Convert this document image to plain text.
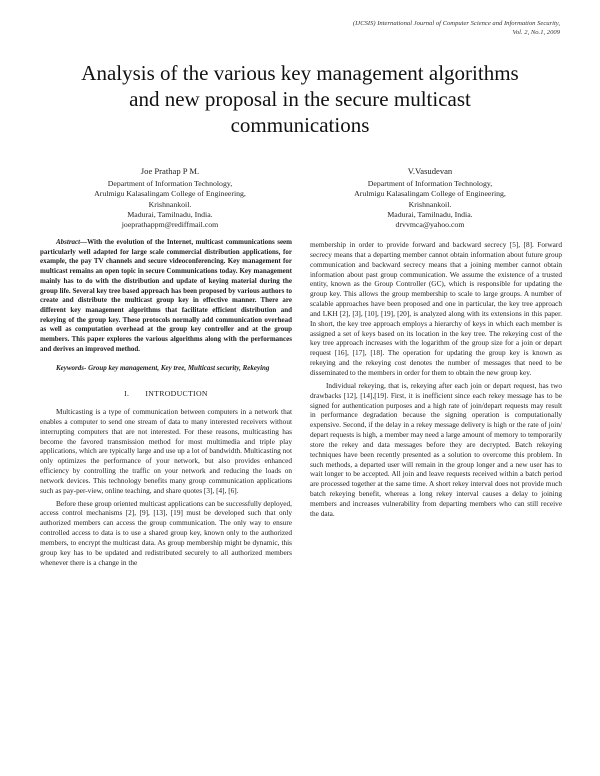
(IJCSIS) International Journal of Computer Science and Information Security,
Vol. 2, No.1, 2009
Analysis of the various key management algorithms
and new proposal in the secure multicast
communications
Joe Prathap P M.
Department of Information Technology,
Arulmigu Kalasalingam College of Engineering,
Krishnankoil.
Madurai, Tamilnadu, India.
joeprathappm@rediffmail.com
V.Vasudevan
Department of Information Technology,
Arulmigu Kalasalingam College of Engineering,
Krishnankoil.
Madurai, Tamilnadu, India.
drvvmca@yahoo.com

Abstract—With the evolution of the Internet, multicast communications seem particularly well adapted for large scale commercial distribution applications, for example, the pay TV channels and secure videoconferencing. Key management for multicast remains an open topic in secure Communications today. Key management mainly has to do with the distribution and update of keying material during the group life. Several key tree based approach has been proposed by various authors to create and distribute the multicast group key in effective manner. There are different key management algorithms that facilitate efficient distribution and rekeying of the group key. These protocols normally add communication overhead as well as computation overhead at the group key controller and at the group members. This paper explores the various algorithms along with the performances and derives an improved method.

Keywords- Group key management, Key tree, Multicast security, Rekeying

I. INTRODUCTION

Multicasting is a type of communication between computers in a network that enables a computer to send one stream of data to many interested receivers without interrupting computers that are not interested. For these reasons, multicasting has become the favored transmission method for most multimedia and triple play applications, which are typically large and use up a lot of bandwidth. Multicasting not only optimizes the performance of your network, but also provides enhanced efficiency by controlling the traffic on your network and reducing the loads on network devices. This technology benefits many group communication applications such as pay-per-view, online teaching, and share quotes [3], [4], [6].

Before these group oriented multicast applications can be successfully deployed, access control mechanisms [2], [9], [13], [19] must be developed such that only authorized members can access the group communication. The only way to ensure controlled access to data is to use a shared group key, known only to the authorized members, to encrypt the multicast data. As group membership might be dynamic, this group key has to be updated and redistributed securely to all authorized members whenever there is a change in the

membership in order to provide forward and backward secrecy [5], [8]. Forward secrecy means that a departing member cannot obtain information about future group communication and backward secrecy means that a joining member cannot obtain information about past group communication. We assume the existence of a trusted entity, known as the Group Controller (GC), which is responsible for updating the group key. This allows the group membership to scale to large groups. A number of scalable approaches have been proposed and one in particular, the key tree approach and LKH [2], [3], [10], [19], [20], is analyzed along with its extensions in this paper. In short, the key tree approach employs a hierarchy of keys in which each member is assigned a set of keys based on its location in the key tree. The rekeying cost of the key tree approach increases with the logarithm of the group size for a join or depart request [16], [17], [18]. The operation for updating the group key is known as rekeying and the rekeying cost denotes the number of messages that need to be disseminated to the members in order for them to obtain the new group key.

Individual rekeying, that is, rekeying after each join or depart request, has two drawbacks [12], [14],[19]. First, it is inefficient since each rekey message has to be signed for authentication purposes and a high rate of join/depart requests may result in performance degradation because the signing operation is computationally expensive. Second, if the delay in a rekey message delivery is high or the rate of join/ depart requests is high, a member may need a large amount of memory to temporarily store the rekey and data messages before they are decrypted. Batch rekeying techniques have been recently presented as a solution to overcome this problem. In such methods, a departed user will remain in the group longer and a new user has to wait longer to be accepted. All join and leave requests received within a batch period are processed together at the same time. A short rekey interval does not provide much batch rekeying benefit, whereas a long rekey interval causes a delay to joining members and increases vulnerability from departing members who can still receive the data.
